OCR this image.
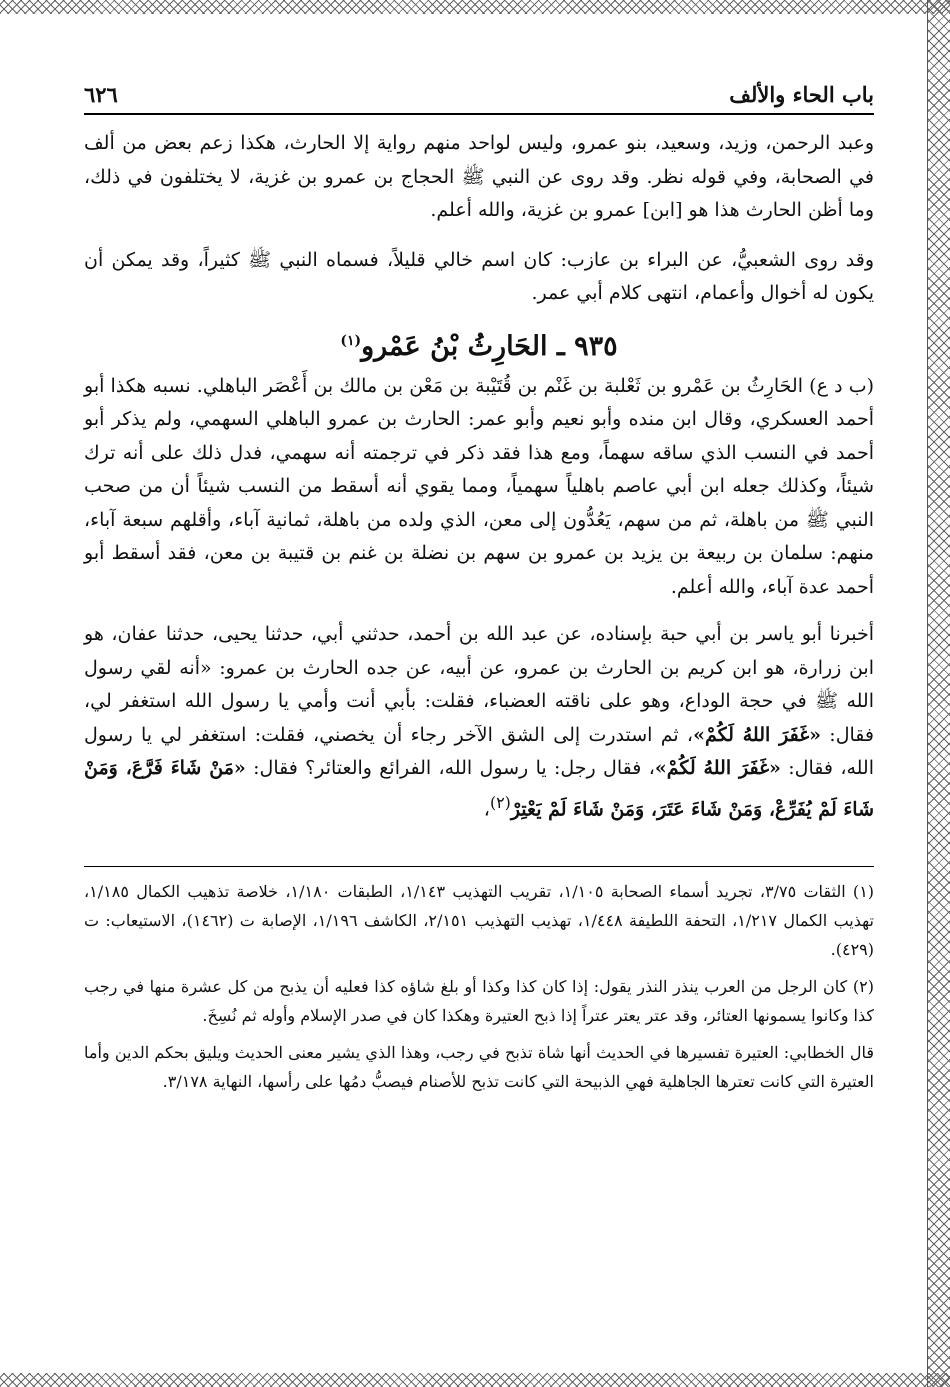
باب الحاء والألف
٦٢٦

وعبد الرحمن، وزيد، وسعيد، بنو عمرو، وليس لواحد منهم رواية إلا الحارث، هكذا زعم بعض من ألف في الصحابة، وفي قوله نظر. وقد روى عن النبي ﷺ الحجاج بن عمرو بن غزية، لا يختلفون في ذلك، وما أظن الحارث هذا هو [ابن] عمرو بن غزية، والله أعلم.

وقد روى الشعبيُّ، عن البراء بن عازب: كان اسم خالي قليلاً، فسماه النبي ﷺ كثيراً، وقد يمكن أن يكون له أخوال وأعمام، انتهى كلام أبي عمر.

٩٣٥ ـ الحَارِثُ بْنُ عَمْرو$^{(١)}$

(ب د ع) الحَارِثُ بن عَمْرو بن ثَعْلبة بن غَنْم بن قُتَيْبة بن مَعْن بن مالك بن أَعْصَر الباهلي. نسبه هكذا أبو أحمد العسكري، وقال ابن منده وأبو نعيم وأبو عمر: الحارث بن عمرو الباهلي السهمي، ولم يذكر أبو أحمد في النسب الذي ساقه سهماً، ومع هذا فقد ذكر في ترجمته أنه سهمي، فدل ذلك على أنه ترك شيئاً، وكذلك جعله ابن أبي عاصم باهلياً سهمياً، ومما يقوي أنه أسقط من النسب شيئاً أن من صحب النبي ﷺ من باهلة، ثم من سهم، يَعُدُّون إلى معن، الذي ولده من باهلة، ثمانية آباء، وأقلهم سبعة آباء، منهم: سلمان بن ربيعة بن يزيد بن عمرو بن سهم بن نضلة بن غنم بن قتيبة بن معن، فقد أسقط أبو أحمد عدة آباء، والله أعلم.

أخبرنا أبو ياسر بن أبي حبة بإسناده، عن عبد الله بن أحمد، حدثني أبي، حدثنا يحيى، حدثنا عفان، هو ابن زرارة، هو ابن كريم بن الحارث بن عمرو، عن أبيه، عن جده الحارث بن عمرو: «أنه لقي رسول الله ﷺ في حجة الوداع، وهو على ناقته العضباء، فقلت: بأبي أنت وأمي يا رسول الله استغفر لي، فقال: «غَفَرَ اللهُ لَكُمْ»، ثم استدرت إلى الشق الآخر رجاء أن يخصني، فقلت: استغفر لي يا رسول الله، فقال: «غَفَرَ اللهُ لَكُمْ»، فقال رجل: يا رسول الله، الفرائع والعتائر؟ فقال: «مَنْ شَاءَ فَرَّعَ، وَمَنْ شَاءَ لَمْ يُفَرِّعْ، وَمَنْ شَاءَ عَتَرَ، وَمَنْ شَاءَ لَمْ يَعْتِرْ$^{(٢)}$،

(١) الثقات ٣/٧٥، تجريد أسماء الصحابة ١/١٠٥، تقريب التهذيب ١/١٤٣، الطبقات ١/١٨٠، خلاصة تذهيب الكمال ١/١٨٥، تهذيب الكمال ١/٢١٧، التحفة اللطيفة ١/٤٤٨، تهذيب التهذيب ٢/١٥١، الكاشف ١/١٩٦، الإصابة ت (١٤٦٢)، الاستيعاب: ت (٤٢٩).

(٢) كان الرجل من العرب ينذر النذر يقول: إذا كان كذا وكذا أو بلغ شاؤه كذا فعليه أن يذبح من كل عشرة منها في رجب كذا وكانوا يسمونها العتائر، وقد عتر يعتر عتراً إذا ذبح العتيرة وهكذا كان في صدر الإسلام وأوله ثم نُسِخَ.

قال الخطابي: العتيرة تفسيرها في الحديث أنها شاة تذبح في رجب، وهذا الذي يشير معنى الحديث ويليق بحكم الدين وأما العتيرة التي كانت تعترها الجاهلية فهي الذبيحة التي كانت تذبح للأصنام فيصبُّ دمُها على رأسها، النهاية ٣/١٧٨.
